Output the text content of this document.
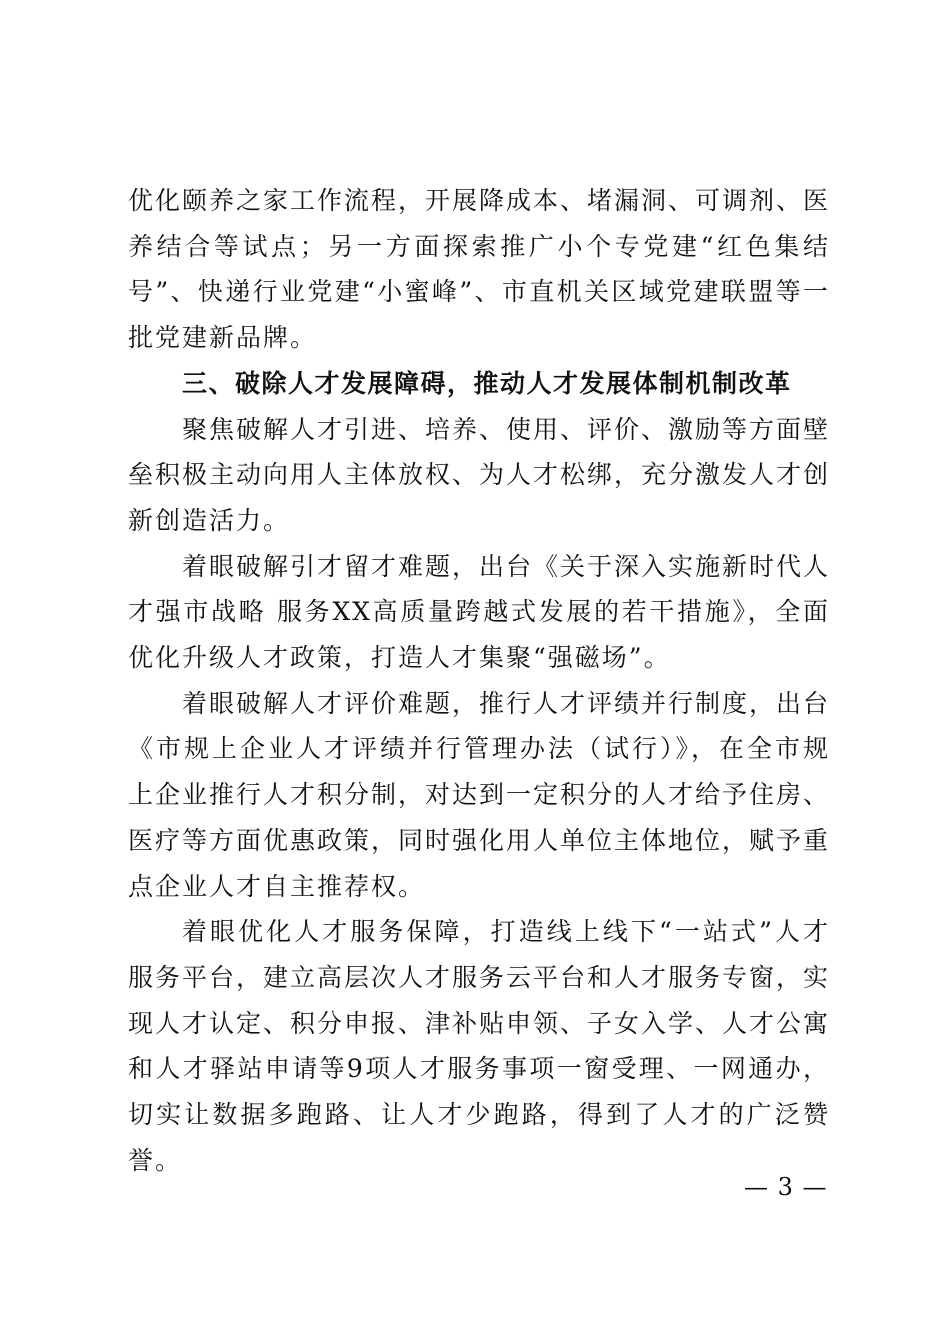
优化颐养之家工作流程，开展降成本、堵漏洞、可调剂、医养结合等试点；另一方面探索推广小个专党建“红色集结号”、快递行业党建“小蜜峰”、市直机关区域党建联盟等一批党建新品牌。

三、破除人才发展障碍，推动人才发展体制机制改革

聚焦破解人才引进、培养、使用、评价、激励等方面壁垒积极主动向用人主体放权、为人才松绑，充分激发人才创新创造活力。

着眼破解引才留才难题，出台《关于深入实施新时代人才强市战略 服务XX高质量跨越式发展的若干措施》，全面优化升级人才政策，打造人才集聚“强磁场”。

着眼破解人才评价难题，推行人才评绩并行制度，出台《市规上企业人才评绩并行管理办法（试行）》，在全市规上企业推行人才积分制，对达到一定积分的人才给予住房、医疗等方面优惠政策，同时强化用人单位主体地位，赋予重点企业人才自主推荐权。

着眼优化人才服务保障，打造线上线下“一站式”人才服务平台，建立高层次人才服务云平台和人才服务专窗，实现人才认定、积分申报、津补贴申领、子女入学、人才公寓和人才驿站申请等9项人才服务事项一窗受理、一网通办，切实让数据多跑路、让人才少跑路，得到了人才的广泛赞誉。

— 3 —
